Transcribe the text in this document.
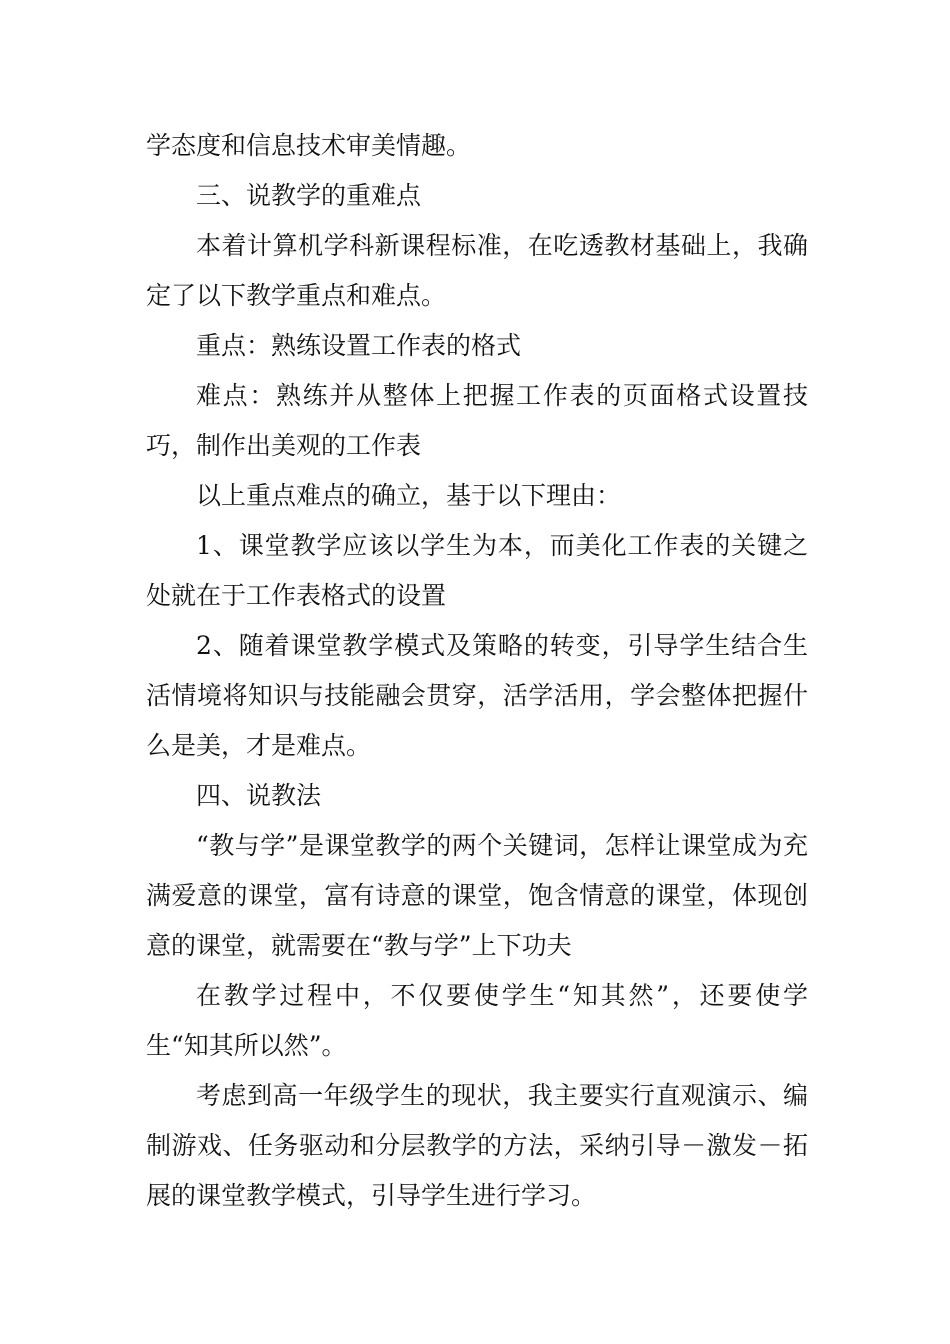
学态度和信息技术审美情趣。

三、说教学的重难点

本着计算机学科新课程标准，在吃透教材基础上，我确定了以下教学重点和难点。

重点：熟练设置工作表的格式

难点：熟练并从整体上把握工作表的页面格式设置技巧，制作出美观的工作表

以上重点难点的确立，基于以下理由：

1、课堂教学应该以学生为本，而美化工作表的关键之处就在于工作表格式的设置

2、随着课堂教学模式及策略的转变，引导学生结合生活情境将知识与技能融会贯穿，活学活用，学会整体把握什么是美，才是难点。

四、说教法

“教与学”是课堂教学的两个关键词，怎样让课堂成为充满爱意的课堂，富有诗意的课堂，饱含情意的课堂，体现创意的课堂，就需要在“教与学”上下功夫

在教学过程中，不仅要使学生“知其然”，还要使学生“知其所以然”。

考虑到高一年级学生的现状，我主要实行直观演示、编制游戏、任务驱动和分层教学的方法，采纳引导－激发－拓展的课堂教学模式，引导学生进行学习。
